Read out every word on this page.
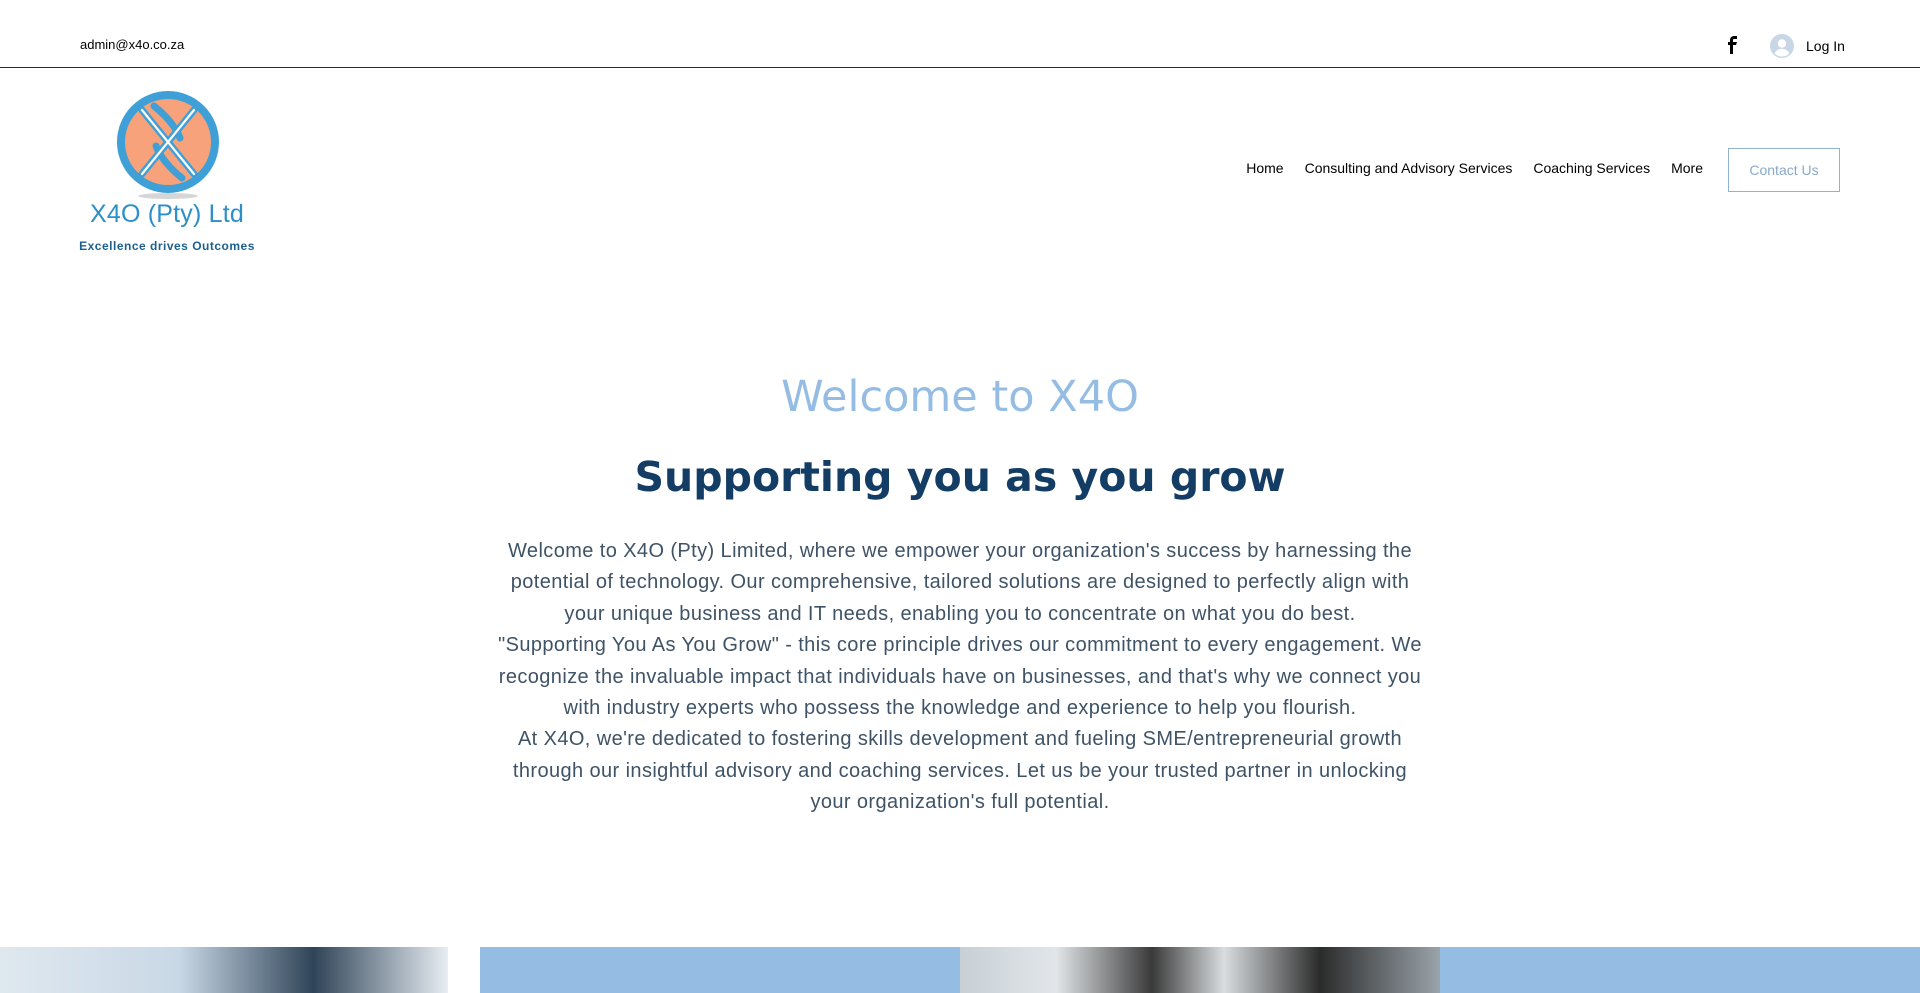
admin@x4o.co.za	Log In
X4O (Pty) Ltd
Excellence drives Outcomes
Home Consulting and Advisory Services Coaching Services More	Contact Us
Welcome to X4O
Supporting you as you grow

Welcome to X4O (Pty) Limited, where we empower your organization's success by harnessing the potential of technology. Our comprehensive, tailored solutions are designed to perfectly align with your unique business and IT needs, enabling you to concentrate on what you do best.

"Supporting You As You Grow" - this core principle drives our commitment to every engagement. We recognize the invaluable impact that individuals have on businesses, and that's why we connect you with industry experts who possess the knowledge and experience to help you flourish.

At X4O, we're dedicated to fostering skills development and fueling SME/entrepreneurial growth through our insightful advisory and coaching services. Let us be your trusted partner in unlocking your organization's full potential.
